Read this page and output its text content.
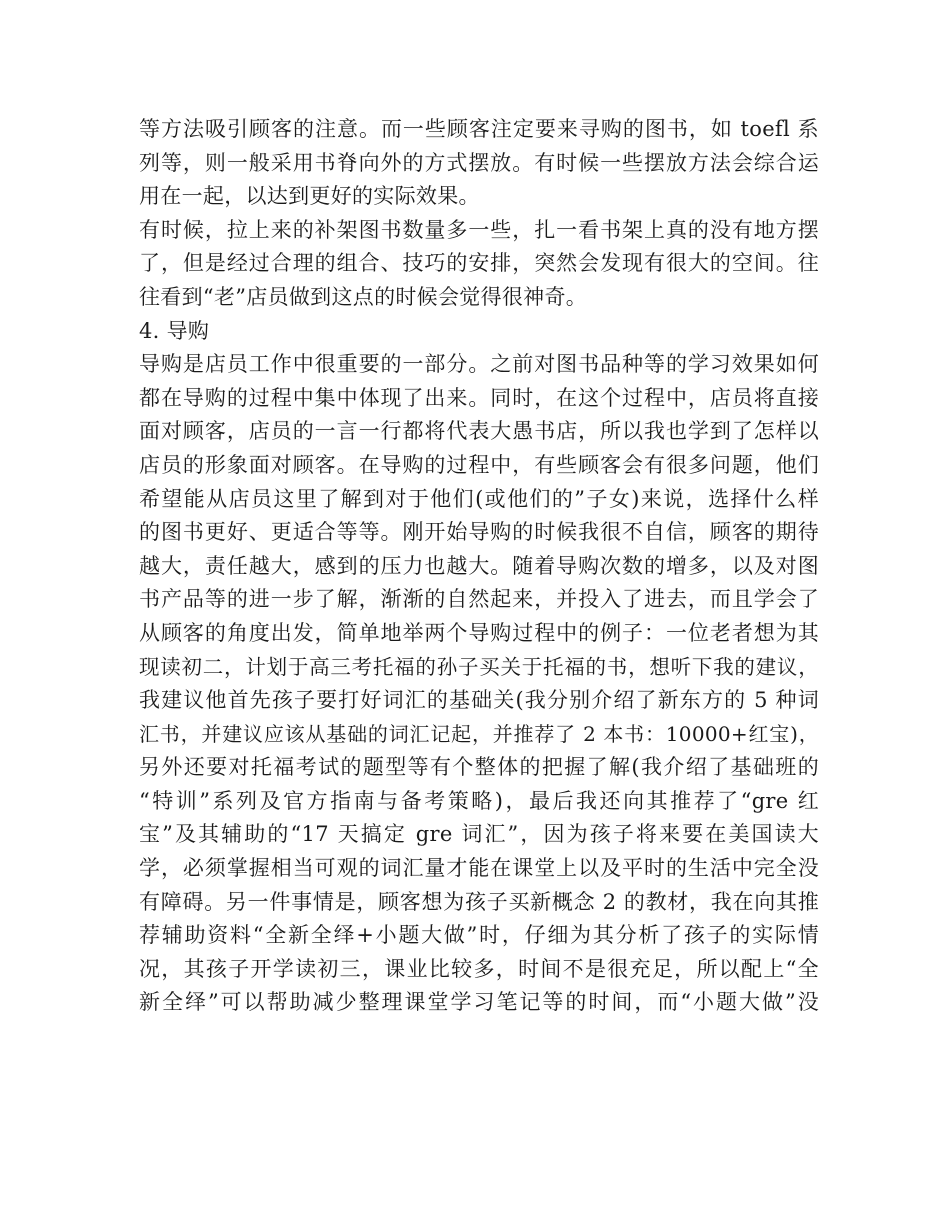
等方法吸引顾客的注意。而一些顾客注定要来寻购的图书，如 toefl 系
列等，则一般采用书脊向外的方式摆放。有时候一些摆放方法会综合运
用在一起，以达到更好的实际效果。
有时候，拉上来的补架图书数量多一些，扎一看书架上真的没有地方摆
了，但是经过合理的组合、技巧的安排，突然会发现有很大的空间。往
往看到“老”店员做到这点的时候会觉得很神奇。
4. 导购
导购是店员工作中很重要的一部分。之前对图书品种等的学习效果如何
都在导购的过程中集中体现了出来。同时，在这个过程中，店员将直接
面对顾客，店员的一言一行都将代表大愚书店，所以我也学到了怎样以
店员的形象面对顾客。在导购的过程中，有些顾客会有很多问题，他们
希望能从店员这里了解到对于他们(或他们的”子女)来说，选择什么样
的图书更好、更适合等等。刚开始导购的时候我很不自信，顾客的期待
越大，责任越大，感到的压力也越大。随着导购次数的增多，以及对图
书产品等的进一步了解，渐渐的自然起来，并投入了进去，而且学会了
从顾客的角度出发，简单地举两个导购过程中的例子：一位老者想为其
现读初二，计划于高三考托福的孙子买关于托福的书，想听下我的建议，
我建议他首先孩子要打好词汇的基础关(我分别介绍了新东方的 5 种词
汇书，并建议应该从基础的词汇记起，并推荐了 2 本书：10000+红宝)，
另外还要对托福考试的题型等有个整体的把握了解(我介绍了基础班的
“特训”系列及官方指南与备考策略)，最后我还向其推荐了“gre 红
宝”及其辅助的“17 天搞定 gre 词汇”，因为孩子将来要在美国读大
学，必须掌握相当可观的词汇量才能在课堂上以及平时的生活中完全没
有障碍。另一件事情是，顾客想为孩子买新概念 2 的教材，我在向其推
荐辅助资料“全新全绎+小题大做”时，仔细为其分析了孩子的实际情
况，其孩子开学读初三，课业比较多，时间不是很充足，所以配上“全
新全绎”可以帮助减少整理课堂学习笔记等的时间，而“小题大做”没
